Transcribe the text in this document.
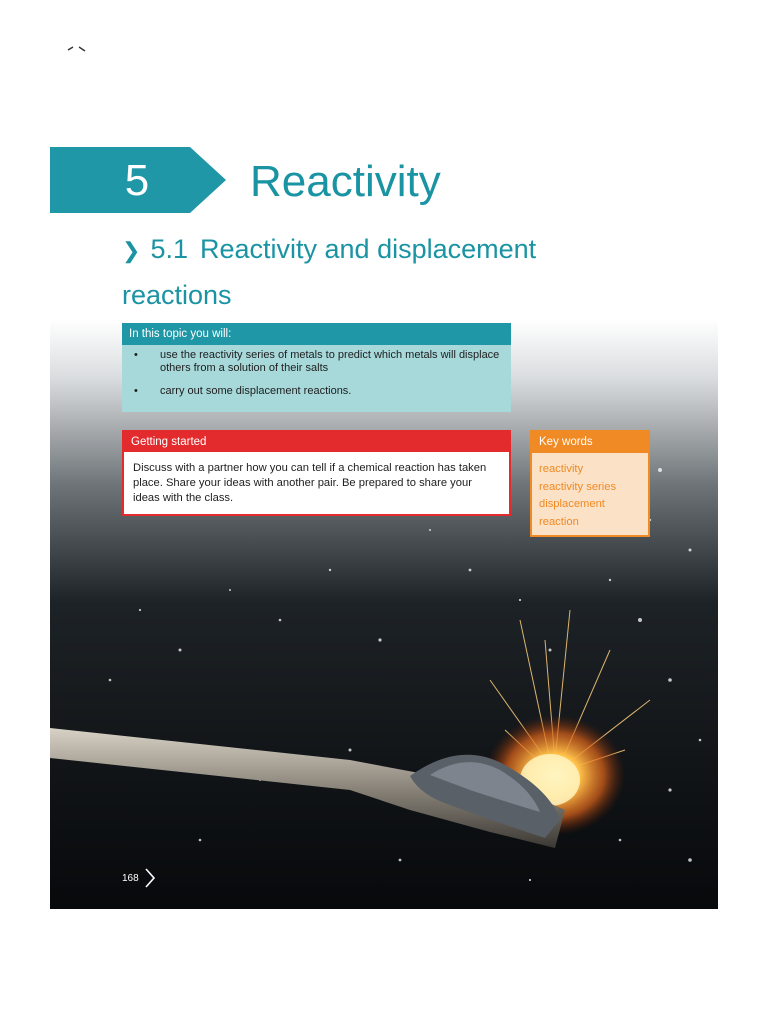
5 Reactivity
❯ 5.1 Reactivity and displacement reactions
In this topic you will:
• use the reactivity series of metals to predict which metals will displace others from a solution of their salts
• carry out some displacement reactions.
Getting started
Discuss with a partner how you can tell if a chemical reaction has taken place. Share your ideas with another pair. Be prepared to share your ideas with the class.
Key words
reactivity
reactivity series
displacement
reaction
168
